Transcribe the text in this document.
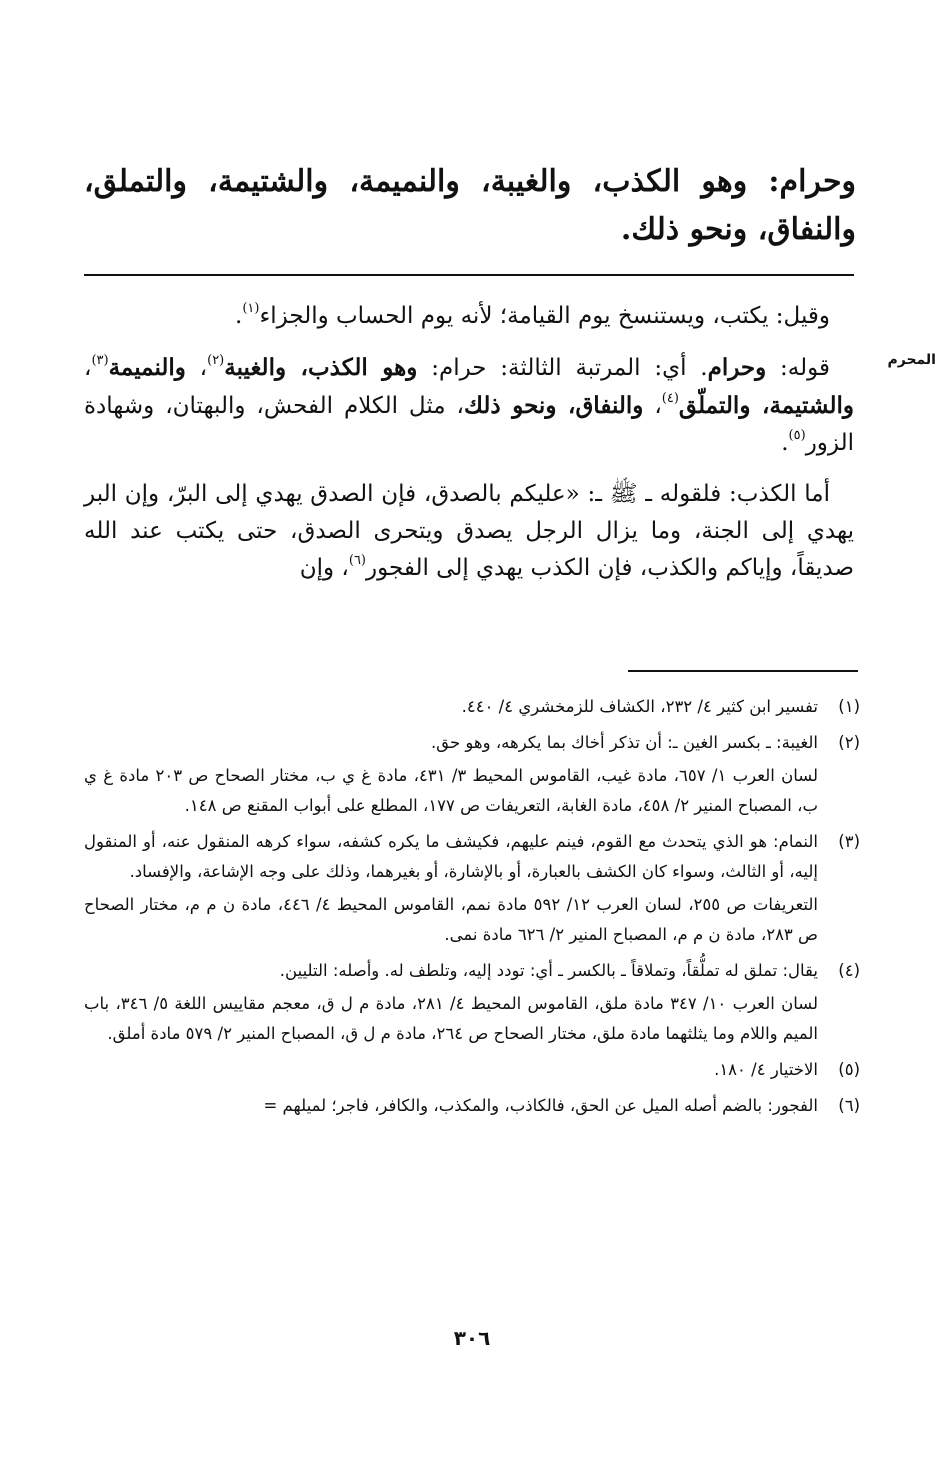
وحرام: وهو الكذب، والغيبة، والنميمة، والشتيمة، والتملق، والنفاق، ونحو ذلك.
المحرم

وقيل: يكتب، ويستنسخ يوم القيامة؛ لأنه يوم الحساب والجزاء$^{(١)}$.

قوله: وحرام. أي: المرتبة الثالثة: حرام: وهو الكذب، والغيبة$^{(٢)}$، والنميمة$^{(٣)}$، والشتيمة، والتملّق$^{(٤)}$، والنفاق، ونحو ذلك، مثل الكلام الفحش، والبهتان، وشهادة الزور$^{(٥)}$.

أما الكذب: فلقوله ـ ﷺ ـ: «عليكم بالصدق، فإن الصدق يهدي إلى البرّ، وإن البر يهدي إلى الجنة، وما يزال الرجل يصدق ويتحرى الصدق، حتى يكتب عند الله صديقاً، وإياكم والكذب، فإن الكذب يهدي إلى الفجور$^{(٦)}$، وإن

(١)
تفسير ابن كثير ٤/ ٢٣٢، الكشاف للزمخشري ٤/ ٤٤٠.
(٢)
الغيبة: ـ بكسر الغين ـ: أن تذكر أخاك بما يكرهه، وهو حق.
لسان العرب ١/ ٦٥٧، مادة غيب، القاموس المحيط ٣/ ٤٣١، مادة غ ي ب، مختار الصحاح ص ٢٠٣ مادة غ ي ب، المصباح المنير ٢/ ٤٥٨، مادة الغابة، التعريفات ص ١٧٧، المطلع على أبواب المقنع ص ١٤٨.
(٣)
النمام: هو الذي يتحدث مع القوم، فينم عليهم، فكيشف ما يكره كشفه، سواء كرهه المنقول عنه، أو المنقول إليه، أو الثالث، وسواء كان الكشف بالعبارة، أو بالإشارة، أو بغيرهما، وذلك على وجه الإشاعة، والإفساد.
التعريفات ص ٢٥٥، لسان العرب ١٢/ ٥٩٢ مادة نمم، القاموس المحيط ٤/ ٤٤٦، مادة ن م م، مختار الصحاح ص ٢٨٣، مادة ن م م، المصباح المنير ٢/ ٦٢٦ مادة نمى.
(٤)
يقال: تملق له تملُّقاً، وتملاقاً ـ بالكسر ـ أي: تودد إليه، وتلطف له. وأصله: التليين.
لسان العرب ١٠/ ٣٤٧ مادة ملق، القاموس المحيط ٤/ ٢٨١، مادة م ل ق، معجم مقاييس اللغة ٥/ ٣٤٦، باب الميم واللام وما يثلثهما مادة ملق، مختار الصحاح ص ٢٦٤، مادة م ل ق، المصباح المنير ٢/ ٥٧٩ مادة أملق.
(٥)
الاختيار ٤/ ١٨٠.
(٦)
الفجور: بالضم أصله الميل عن الحق، فالكاذب، والمكذب، والكافر، فاجر؛ لميلهم =
٣٠٦
